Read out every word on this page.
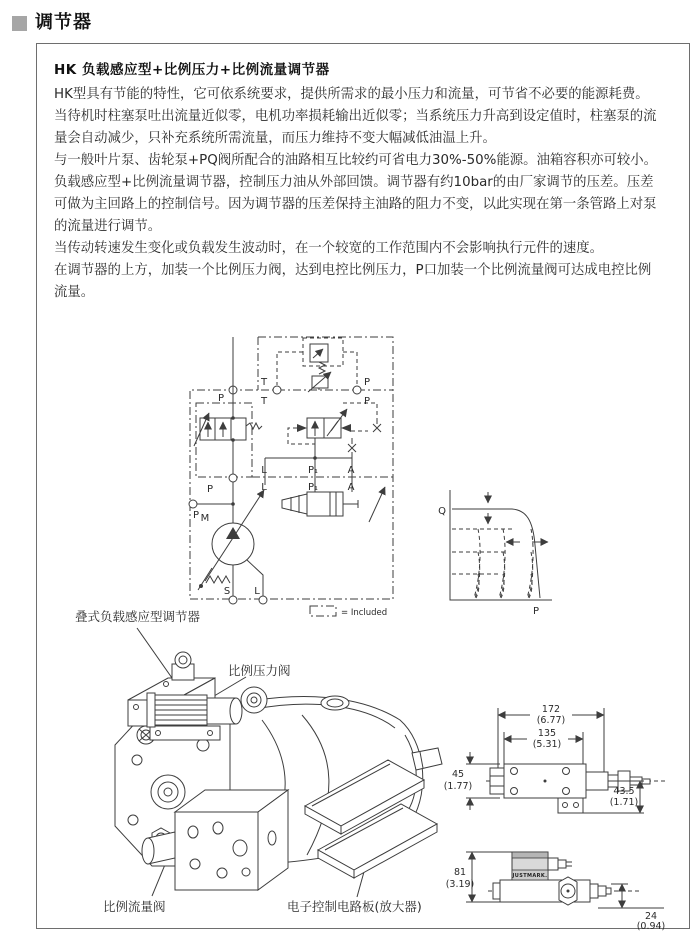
调节器
HK 负载感应型+比例压力+比例流量调节器

HK型具有节能的特性，它可依系统要求，提供所需求的最小压力和流量，可节省不必要的能源耗费。当待机时柱塞泵吐出流量近似零，电机功率损耗输出近似零；当系统压力升高到设定值时，柱塞泵的流量会自动减少，只补充系统所需流量，而压力维持不变大幅减低油温上升。

与一般叶片泵、齿轮泵+PQ阀所配合的油路相互比较约可省电力30%-50%能源。油箱容积亦可较小。

负载感应型+比例流量调节器，控制压力油从外部回馈。调节器有约10bar的由厂家调节的压差。压差可做为主回路上的控制信号。因为调节器的压差保持主油路的阻力不变，以此实现在第一条管路上对泵的流量进行调节。

当传动转速发生变化或负载发生波动时，在一个较宽的工作范围内不会影响执行元件的速度。

在调节器的上方，加装一个比例压力阀，达到电控比例压力，P口加装一个比例流量阀可达成电控比例流量。

= Included
T
T
P
P
P
P
L	P₁	A
L	P₁	A
P M
S L
Q
P
172
(6.77)
135
(5.31)
45
(1.77)	43.5
(1.71)
JUSTMARK.
81
(3.19)
24
(0.94)
叠式负载感应型调节器
比例压力阀
比例流量阀	电子控制电路板(放大器)
